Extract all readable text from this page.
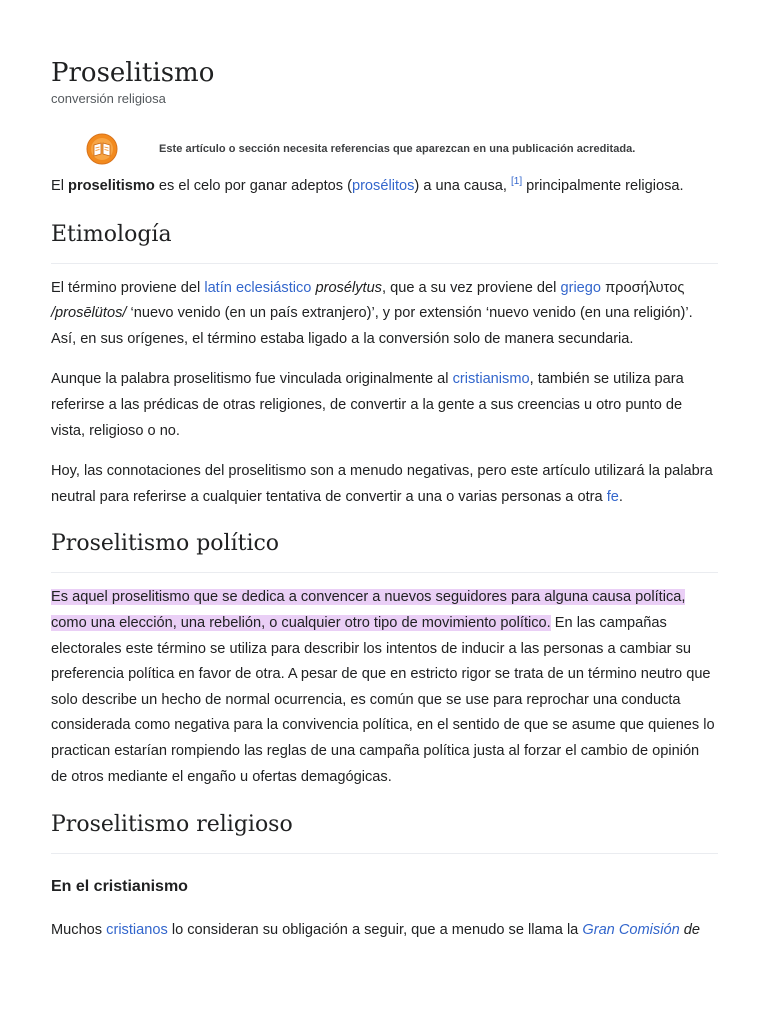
Proselitismo
conversión religiosa
Este artículo o sección necesita referencias que aparezcan en una publicación acreditada.

El proselitismo es el celo por ganar adeptos (prosélitos) a una causa, [1] principalmente religiosa.

Etimología

El término proviene del latín eclesiástico prosélytus, que a su vez proviene del griego προσήλυτος /prosēlütos/ ‘nuevo venido (en un país extranjero)’, y por extensión ‘nuevo venido (en una religión)’. Así, en sus orígenes, el término estaba ligado a la conversión solo de manera secundaria.

Aunque la palabra proselitismo fue vinculada originalmente al cristianismo, también se utiliza para referirse a las prédicas de otras religiones, de convertir a la gente a sus creencias u otro punto de vista, religioso o no.

Hoy, las connotaciones del proselitismo son a menudo negativas, pero este artículo utilizará la palabra neutral para referirse a cualquier tentativa de convertir a una o varias personas a otra fe.

Proselitismo político

Es aquel proselitismo que se dedica a convencer a nuevos seguidores para alguna causa política, como una elección, una rebelión, o cualquier otro tipo de movimiento político. En las campañas electorales este término se utiliza para describir los intentos de inducir a las personas a cambiar su preferencia política en favor de otra. A pesar de que en estricto rigor se trata de un término neutro que solo describe un hecho de normal ocurrencia, es común que se use para reprochar una conducta considerada como negativa para la convivencia política, en el sentido de que se asume que quienes lo practican estarían rompiendo las reglas de una campaña política justa al forzar el cambio de opinión de otros mediante el engaño u ofertas demagógicas.

Proselitismo religioso
En el cristianismo

Muchos cristianos lo consideran su obligación a seguir, que a menudo se llama la Gran Comisión de
